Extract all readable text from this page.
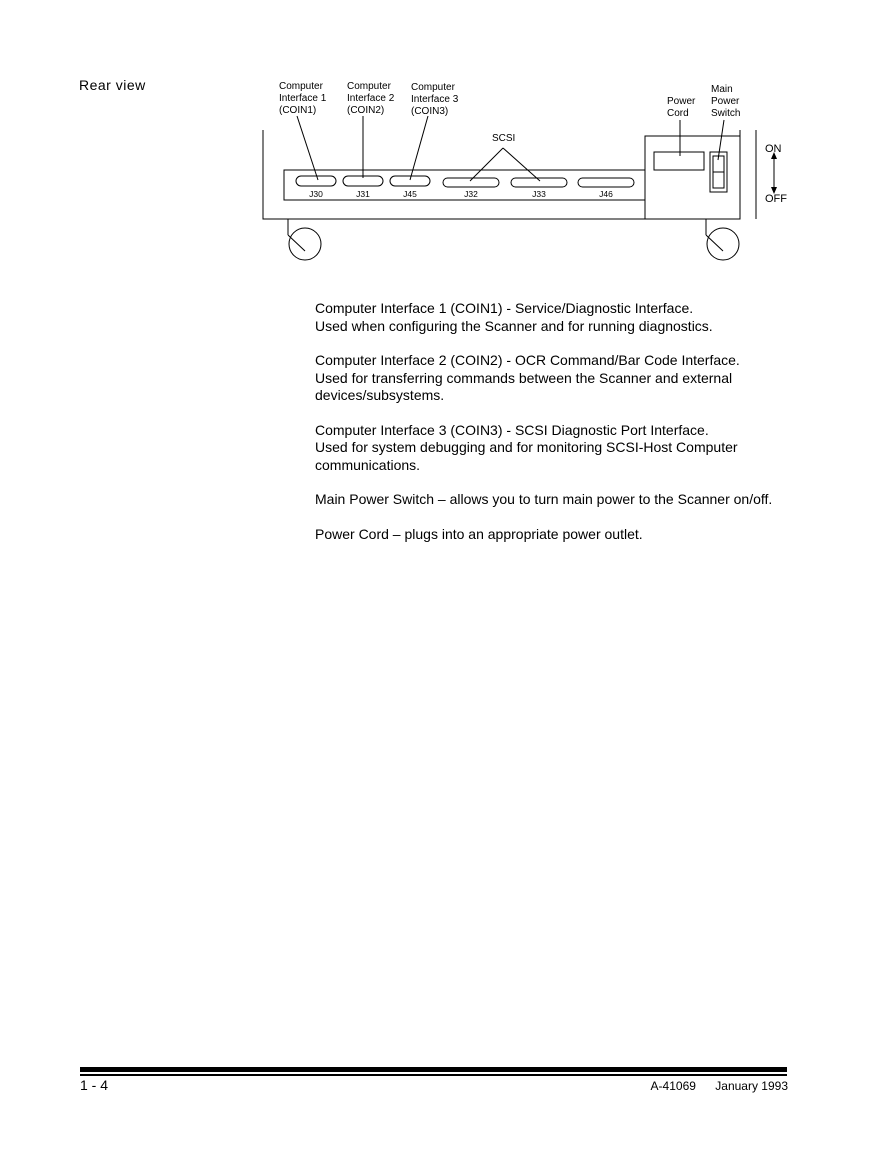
Rear view	Computer Interface 1 (COIN1)
Computer Interface 2 (COIN2)
Computer Interface 3 (COIN3)
SCSI
Power Cord
Main Power Switch
J30	J31	J45	J32	J33	J46
ON
OFF

Computer Interface 1 (COIN1) - Service/Diagnostic Interface.
Used when configuring the Scanner and for running diagnostics.

Computer Interface 2 (COIN2) - OCR Command/Bar Code Interface.
Used for transferring commands between the Scanner and external devices/subsystems.

Computer Interface 3 (COIN3) - SCSI Diagnostic Port Interface.
Used for system debugging and for monitoring SCSI-Host Computer communications.

Main Power Switch – allows you to turn main power to the Scanner on/off.

Power Cord – plugs into an appropriate power outlet.

1 - 4	A-41069 January 1993
